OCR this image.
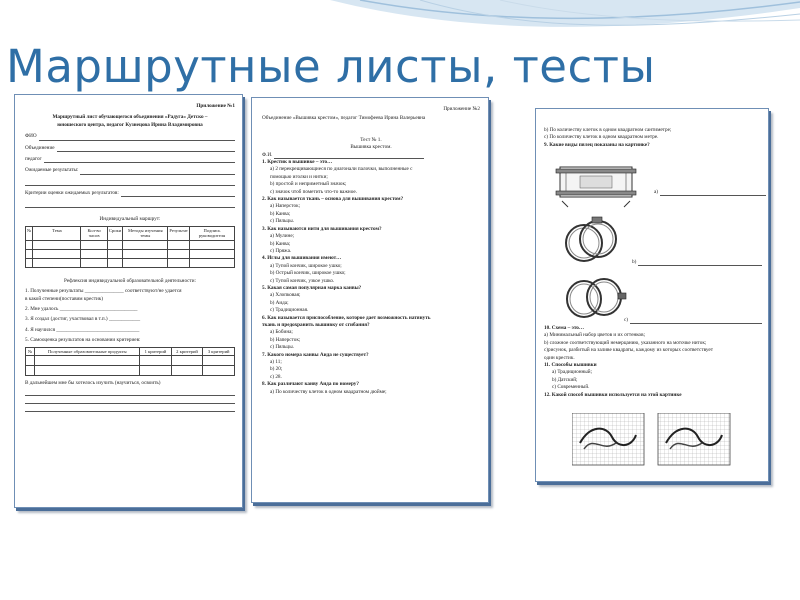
Маршрутные листы, тесты
Приложение №1
Маршрутный лист обучающегося объединения «Радуга» Детско –
юношеского центра, педагог Кузнецова Ирина Владимировна
ФИО
Объединение
педагог
Ожидаемые результаты:
Критерии оценки ожидаемых результатов:
Индивидуальный маршрут:
№	Тема	Кол-во часов	Сроки	Методы изучения темы	Результат	Подпись руководителя

Рефлексия индивидуальной образовательной деятельности:
1. Полученные результаты _______________ соответствуют/не удается
в какой степени(поставим крестик)
2. Мне удалось ______________________________
3. Я создал (достиг, участвовал в т.п.) ____________
4. Я научился ________________________________
5. Самооценка результатов на основании критериев:
№	Полученные образовательные продукты	1 критерий	2 критерий	3 критерий

В дальнейшем мне бы хотелось изучить (научиться, освоить)
Приложение №2
Объединение «Вышивка крестом», педагог Тимофеева Ирина Валерьевна
Тест № 1.
Вышивка крестом.
Ф.И.
1. Крестик в вышивке – это…
а) 2 перекрещивающиеся по диагонали палочки, выполненные с
помощью иголки и нитки;
b) простой и неприметный значок;
с) значок чтоб пометить что-то важное.
2. Как называется ткань – основа для вышивания крестом?
а) Наперсток;
b) Канва;
с) Пяльцы.
3. Как называются нити для вышивания крестом?
а) Мулине;
b) Канва;
с) Пряжа.
4. Иглы для вышивания имеют…
а) Тупой кончик, широкое ушко;
b) Острый кончик, широкое ушко;
с) Тупой кончик, узкое ушко.
5. Какая самая популярная марка канвы?
а) Хлопковая;
b) Аида;
с) Традиционная.
6. Как называется приспособление, которое дает возможность натянуть
ткань и предохранить вышивку от сгибания?
а) Бобина;
b) Наперсток;
с) Пяльцы.
7. Какого номера канвы Аида не существует?
а) 11;
b) 20;
с) 28.
8. Как различают канву Аида по номеру?
а) По количеству клеток в одном квадратном дюйме;
b) По количеству клеток в одном квадратном сантиметре;
с) По количеству клеток в одном квадратном метре.
9. Какие виды пялец показаны на картинке?
а)
b)
с)
10. Схема – это…
а) Минимальный набор цветов и их оттенков;
b) сложное соответствующий немерцанию, указанного на моточке ниток;
с)рисунок, разбитый на заливе квадраты, каждому из которых соответствует
один крестик.
11. Способы вышивки
а) Традиционный;
b) Датский;
с) Современный.
12. Какой способ вышивки используется на этой картинке
